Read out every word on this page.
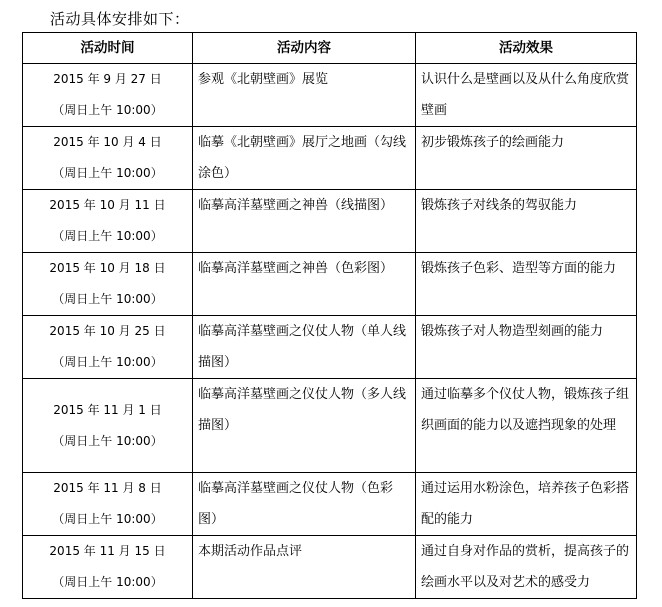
活动具体安排如下：
活动时间	活动内容	活动效果

2015 年 9 月 27 日
（周日上午 10:00）	参观《北朝壁画》展览	认识什么是壁画以及从什么角度欣赏壁画

2015 年 10 月 4 日
（周日上午 10:00）	临摹《北朝壁画》展厅之地画（勾线涂色）	初步锻炼孩子的绘画能力

2015 年 10 月 11 日
（周日上午 10:00）	临摹高洋墓壁画之神兽（线描图）	锻炼孩子对线条的驾驭能力

2015 年 10 月 18 日
（周日上午 10:00）	临摹高洋墓壁画之神兽（色彩图）	锻炼孩子色彩、造型等方面的能力

2015 年 10 月 25 日
（周日上午 10:00）	临摹高洋墓壁画之仪仗人物（单人线描图）	锻炼孩子对人物造型刻画的能力

2015 年 11 月 1 日
（周日上午 10:00）	临摹高洋墓壁画之仪仗人物（多人线描图）	通过临摹多个仪仗人物，锻炼孩子组织画面的能力以及遮挡现象的处理

2015 年 11 月 8 日
（周日上午 10:00）	临摹高洋墓壁画之仪仗人物（色彩图）	通过运用水粉涂色，培养孩子色彩搭配的能力

2015 年 11 月 15 日
（周日上午 10:00）	本期活动作品点评	通过自身对作品的赏析，提高孩子的绘画水平以及对艺术的感受力
